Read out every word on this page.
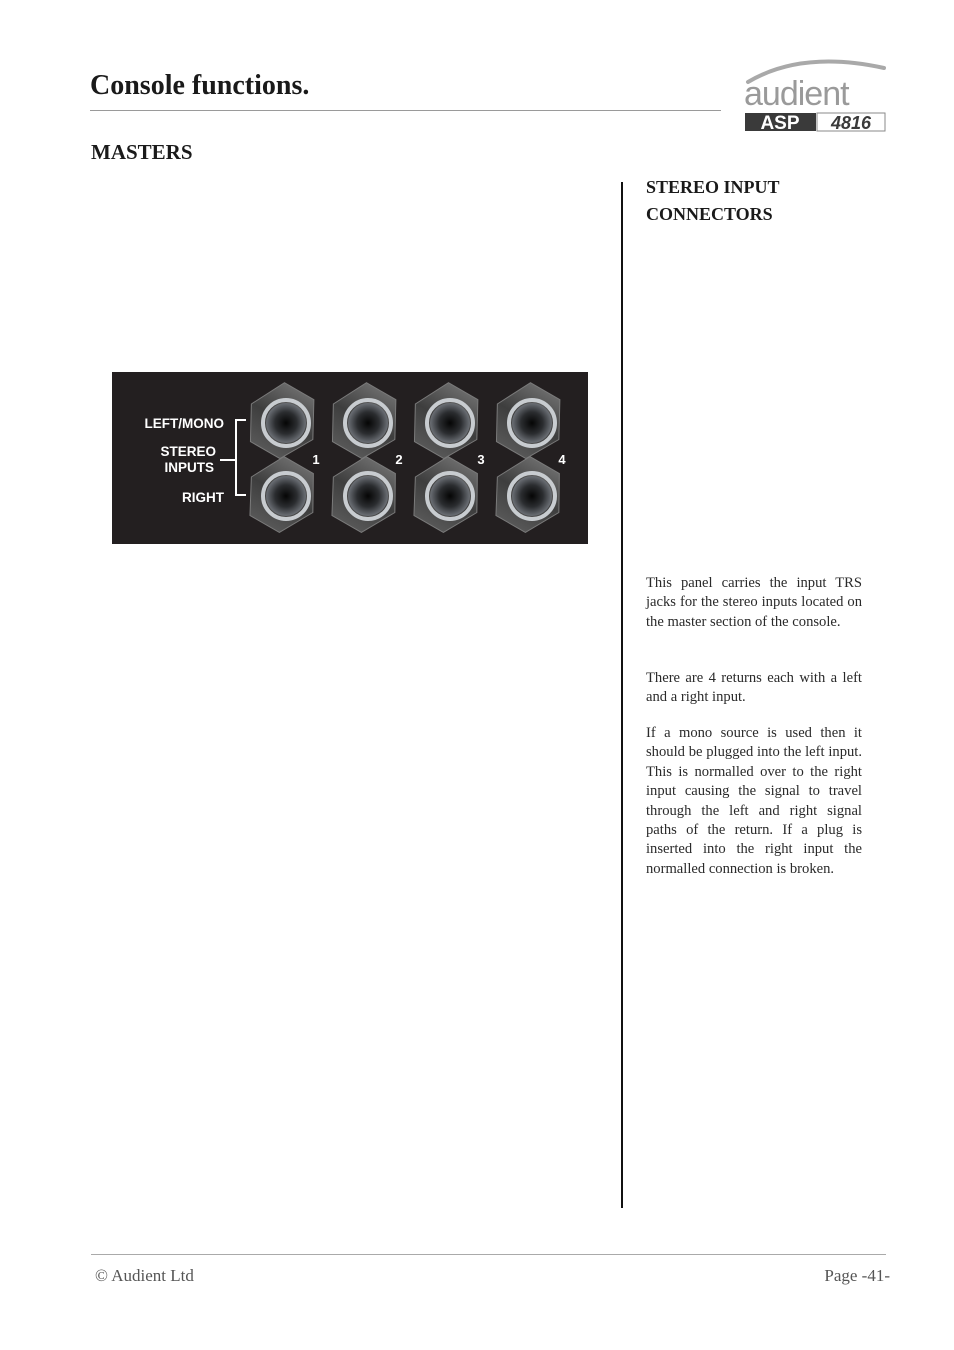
Console functions.	audient
ASP 4816
MASTERS
STEREO INPUT
CONNECTORS
LEFT/MONO
STEREO
INPUTS
RIGHT
1	2	3	4

This panel carries the input TRS jacks for the stereo inputs located on the master section of the console.

There are 4 returns each with a left and a right input.

If a mono source is used then it should be plugged into the left input. This is normalled over to the right input causing the signal to travel through the left and right signal paths of the return. If a plug is inserted into the right input the normalled connection is broken.

© Audient Ltd	Page -41-
